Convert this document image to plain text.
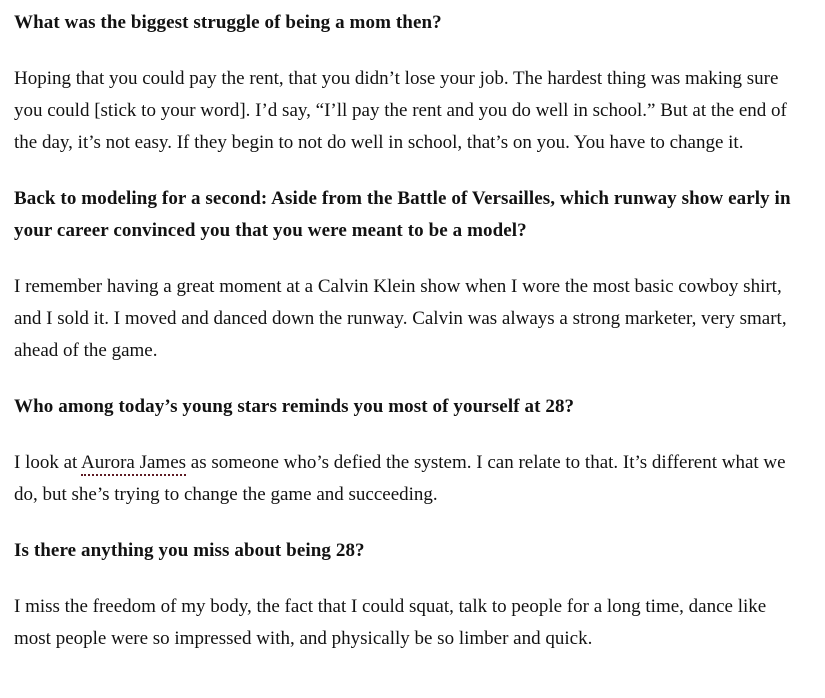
What was the biggest struggle of being a mom then?

Hoping that you could pay the rent, that you didn’t lose your job. The hardest thing was making sure you could [stick to your word]. I’d say, “I’ll pay the rent and you do well in school.” But at the end of the day, it’s not easy. If they begin to not do well in school, that’s on you. You have to change it.

Back to modeling for a second: Aside from the Battle of Versailles, which runway show early in your career convinced you that you were meant to be a model?

I remember having a great moment at a Calvin Klein show when I wore the most basic cowboy shirt, and I sold it. I moved and danced down the runway. Calvin was always a strong marketer, very smart, ahead of the game.

Who among today’s young stars reminds you most of yourself at 28?

I look at Aurora James as someone who’s defied the system. I can relate to that. It’s different what we do, but she’s trying to change the game and succeeding.

Is there anything you miss about being 28?

I miss the freedom of my body, the fact that I could squat, talk to people for a long time, dance like most people were so impressed with, and physically be so limber and quick.
